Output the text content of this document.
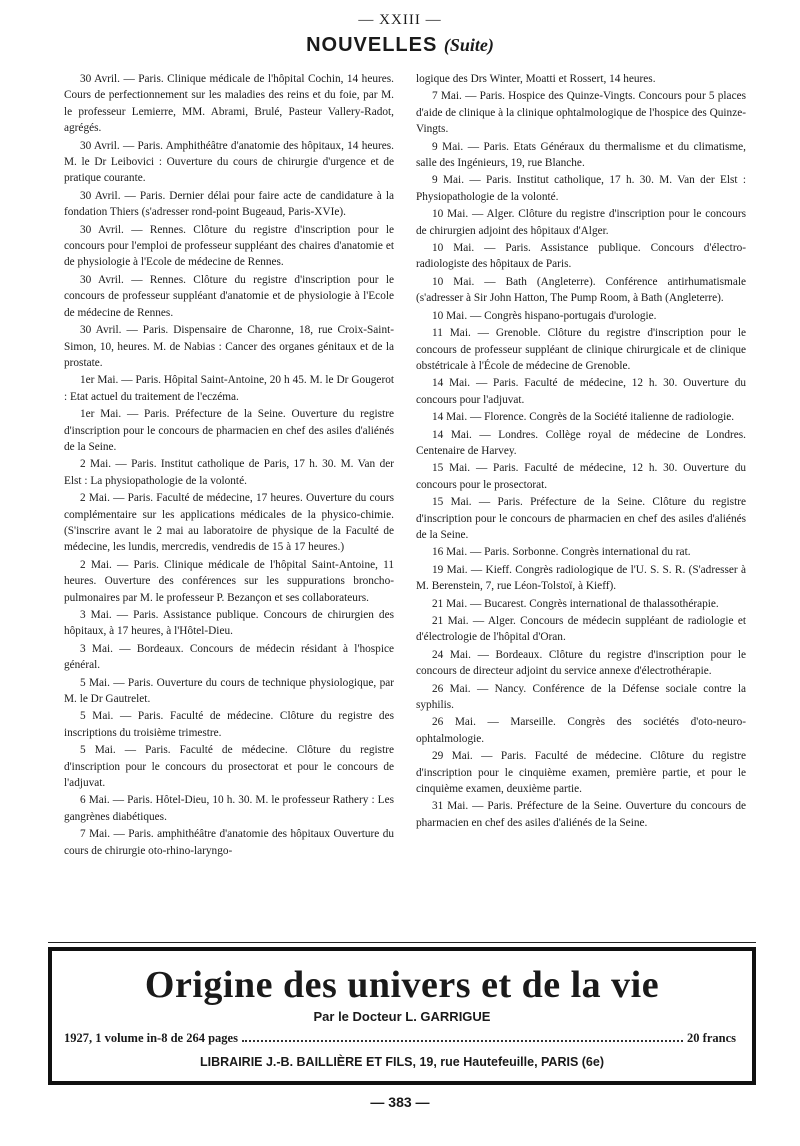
— XXIII —
NOUVELLES (Suite)

30 Avril. — Paris. Clinique médicale de l'hôpital Cochin, 14 heures. Cours de perfectionnement sur les maladies des reins et du foie, par M. le professeur Lemierre, MM. Abrami, Brulé, Pasteur Vallery-Radot, agrégés.

30 Avril. — Paris. Amphithéâtre d'anatomie des hôpitaux, 14 heures. M. le Dr Leibovici : Ouverture du cours de chirurgie d'urgence et de pratique courante.

30 Avril. — Paris. Dernier délai pour faire acte de candidature à la fondation Thiers (s'adresser rond-point Bugeaud, Paris-XVIe).

30 Avril. — Rennes. Clôture du registre d'inscription pour le concours pour l'emploi de professeur suppléant des chaires d'anatomie et de physiologie à l'Ecole de médecine de Rennes.

30 Avril. — Rennes. Clôture du registre d'inscription pour le concours de professeur suppléant d'anatomie et de physiologie à l'Ecole de médecine de Rennes.

30 Avril. — Paris. Dispensaire de Charonne, 18, rue Croix-Saint-Simon, 10, heures. M. de Nabias : Cancer des organes génitaux et de la prostate.

1er Mai. — Paris. Hôpital Saint-Antoine, 20 h 45. M. le Dr Gougerot : Etat actuel du traitement de l'eczéma.

1er Mai. — Paris. Préfecture de la Seine. Ouverture du registre d'inscription pour le concours de pharmacien en chef des asiles d'aliénés de la Seine.

2 Mai. — Paris. Institut catholique de Paris, 17 h. 30. M. Van der Elst : La physiopathologie de la volonté.

2 Mai. — Paris. Faculté de médecine, 17 heures. Ouverture du cours complémentaire sur les applications médicales de la physico-chimie. (S'inscrire avant le 2 mai au laboratoire de physique de la Faculté de médecine, les lundis, mercredis, vendredis de 15 à 17 heures.)

2 Mai. — Paris. Clinique médicale de l'hôpital Saint-Antoine, 11 heures. Ouverture des conférences sur les suppurations broncho-pulmonaires par M. le professeur P. Bezançon et ses collaborateurs.

3 Mai. — Paris. Assistance publique. Concours de chirurgien des hôpitaux, à 17 heures, à l'Hôtel-Dieu.

3 Mai. — Bordeaux. Concours de médecin résidant à l'hospice général.

5 Mai. — Paris. Ouverture du cours de technique physiologique, par M. le Dr Gautrelet.

5 Mai. — Paris. Faculté de médecine. Clôture du registre des inscriptions du troisième trimestre.

5 Mai. — Paris. Faculté de médecine. Clôture du registre d'inscription pour le concours du prosectorat et pour le concours de l'adjuvat.

6 Mai. — Paris. Hôtel-Dieu, 10 h. 30. M. le professeur Rathery : Les gangrènes diabétiques.

7 Mai. — Paris. amphithéâtre d'anatomie des hôpitaux Ouverture du cours de chirurgie oto-rhino-laryngo-

logique des Drs Winter, Moatti et Rossert, 14 heures.

7 Mai. — Paris. Hospice des Quinze-Vingts. Concours pour 5 places d'aide de clinique à la clinique ophtalmologique de l'hospice des Quinze-Vingts.

9 Mai. — Paris. Etats Généraux du thermalisme et du climatisme, salle des Ingénieurs, 19, rue Blanche.

9 Mai. — Paris. Institut catholique, 17 h. 30. M. Van der Elst : Physiopathologie de la volonté.

10 Mai. — Alger. Clôture du registre d'inscription pour le concours de chirurgien adjoint des hôpitaux d'Alger.

10 Mai. — Paris. Assistance publique. Concours d'électro-radiologiste des hôpitaux de Paris.

10 Mai. — Bath (Angleterre). Conférence antirhumatismale (s'adresser à Sir John Hatton, The Pump Room, à Bath (Angleterre).

10 Mai. — Congrès hispano-portugais d'urologie.

11 Mai. — Grenoble. Clôture du registre d'inscription pour le concours de professeur suppléant de clinique chirurgicale et de clinique obstétricale à l'École de médecine de Grenoble.

14 Mai. — Paris. Faculté de médecine, 12 h. 30. Ouverture du concours pour l'adjuvat.

14 Mai. — Florence. Congrès de la Société italienne de radiologie.

14 Mai. — Londres. Collège royal de médecine de Londres. Centenaire de Harvey.

15 Mai. — Paris. Faculté de médecine, 12 h. 30. Ouverture du concours pour le prosectorat.

15 Mai. — Paris. Préfecture de la Seine. Clôture du registre d'inscription pour le concours de pharmacien en chef des asiles d'aliénés de la Seine.

16 Mai. — Paris. Sorbonne. Congrès international du rat.

19 Mai. — Kieff. Congrès radiologique de l'U. S. S. R. (S'adresser à M. Berenstein, 7, rue Léon-Tolstoï, à Kieff).

21 Mai. — Bucarest. Congrès international de thalassothérapie.

21 Mai. — Alger. Concours de médecin suppléant de radiologie et d'électrologie de l'hôpital d'Oran.

24 Mai. — Bordeaux. Clôture du registre d'inscription pour le concours de directeur adjoint du service annexe d'électrothérapie.

26 Mai. — Nancy. Conférence de la Défense sociale contre la syphilis.

26 Mai. — Marseille. Congrès des sociétés d'oto-neuro-ophtalmologie.

29 Mai. — Paris. Faculté de médecine. Clôture du registre d'inscription pour le cinquième examen, première partie, et pour le cinquième examen, deuxième partie.

31 Mai. — Paris. Préfecture de la Seine. Ouverture du concours de pharmacien en chef des asiles d'aliénés de la Seine.

Origine des univers et de la vie
Par le Docteur L. GARRIGUE
1927, 1 volume in-8 de 264 pages	20 francs
LIBRAIRIE J.-B. BAILLIÈRE ET FILS, 19, rue Hautefeuille, PARIS (6e)
— 383 —
